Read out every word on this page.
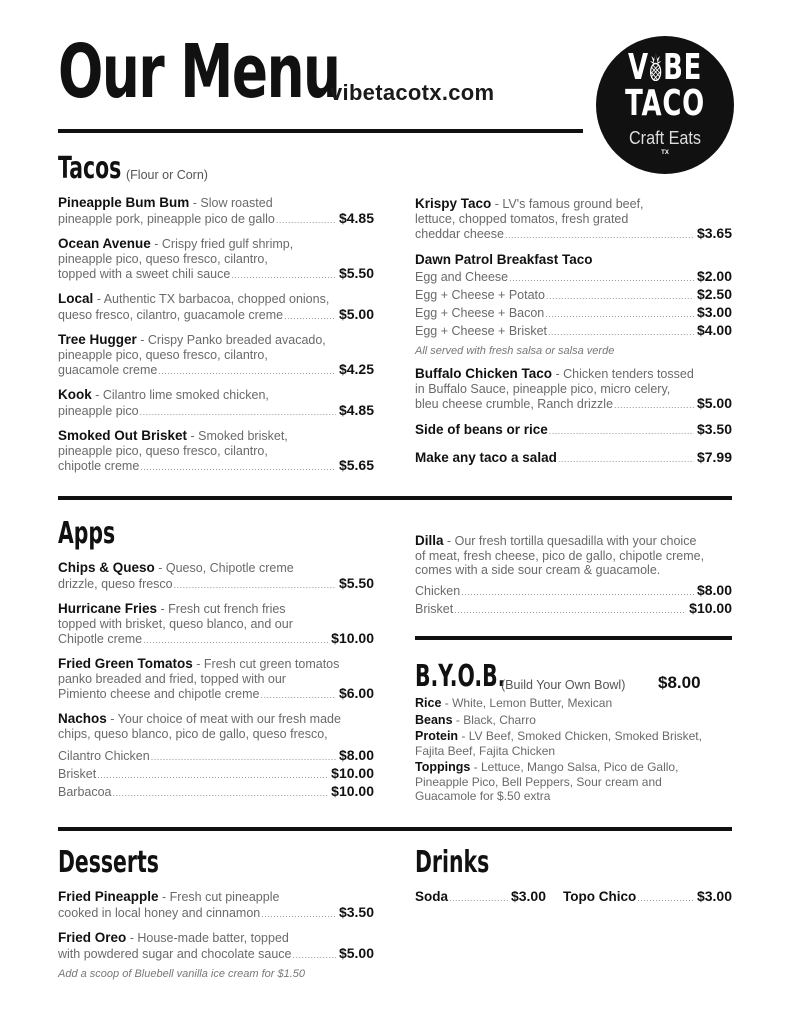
Our Menu
vibetacotx.com
V BE
TACO
Craft Eats
TX
Tacos (Flour or Corn)
Pineapple Bum Bum - Slow roasted
pineapple pork, pineapple pico de gallo .....	$4.85
Ocean Avenue - Crispy fried gulf shrimp,
pineapple pico, queso fresco, cilantro,
topped with a sweet chili sauce .....	$5.50
Local - Authentic TX barbacoa, chopped onions,
queso fresco, cilantro, guacamole creme .....	$5.00
Tree Hugger - Crispy Panko breaded avacado,
pineapple pico, queso fresco, cilantro,
guacamole creme .....	$4.25
Kook - Cilantro lime smoked chicken,
pineapple pico .....	$4.85
Smoked Out Brisket - Smoked brisket,
pineapple pico, queso fresco, cilantro,
chipotle creme .....	$5.65
Krispy Taco - LV's famous ground beef,
lettuce, chopped tomatos, fresh grated
cheddar cheese .....	$3.65
Dawn Patrol Breakfast Taco
Egg and Cheese .....	$2.00
Egg + Cheese + Potato .....	$2.50
Egg + Cheese + Bacon .....	$3.00
Egg + Cheese + Brisket .....	$4.00
All served with fresh salsa or salsa verde
Buffalo Chicken Taco - Chicken tenders tossed
in Buffalo Sauce, pineapple pico, micro celery,
bleu cheese crumble, Ranch drizzle .....	$5.00
Side of beans or rice .....	$3.50
Make any taco a salad .....	$7.99
Apps
Chips & Queso - Queso, Chipotle creme
drizzle, queso fresco .....	$5.50
Hurricane Fries - Fresh cut french fries
topped with brisket, queso blanco, and our
Chipotle creme .....	$10.00
Fried Green Tomatos - Fresh cut green tomatos
panko breaded and fried, topped with our
Pimiento cheese and chipotle creme .....	$6.00
Nachos - Your choice of meat with our fresh made
chips, queso blanco, pico de gallo, queso fresco,
Cilantro Chicken .....	$8.00
Brisket .....	$10.00
Barbacoa .....	$10.00
Dilla - Our fresh tortilla quesadilla with your choice
of meat, fresh cheese, pico de gallo, chipotle creme,
comes with a side sour cream & guacamole.
Chicken .....	$8.00
Brisket .....	$10.00
B.Y.O.B.
(Build Your Own Bowl) $8.00
Rice - White, Lemon Butter, Mexican
Beans - Black, Charro
Protein - LV Beef, Smoked Chicken, Smoked Brisket,
Fajita Beef, Fajita Chicken
Toppings - Lettuce, Mango Salsa, Pico de Gallo,
Pineapple Pico, Bell Peppers, Sour cream and
Guacamole for $.50 extra
Desserts
Fried Pineapple - Fresh cut pineapple
cooked in local honey and cinnamon .....	$3.50
Fried Oreo - House-made batter, topped
with powdered sugar and chocolate sauce .....	$5.00
Add a scoop of Bluebell vanilla ice cream for $1.50
Drinks
Soda .....	$3.00 Topo Chico .....	$3.00
